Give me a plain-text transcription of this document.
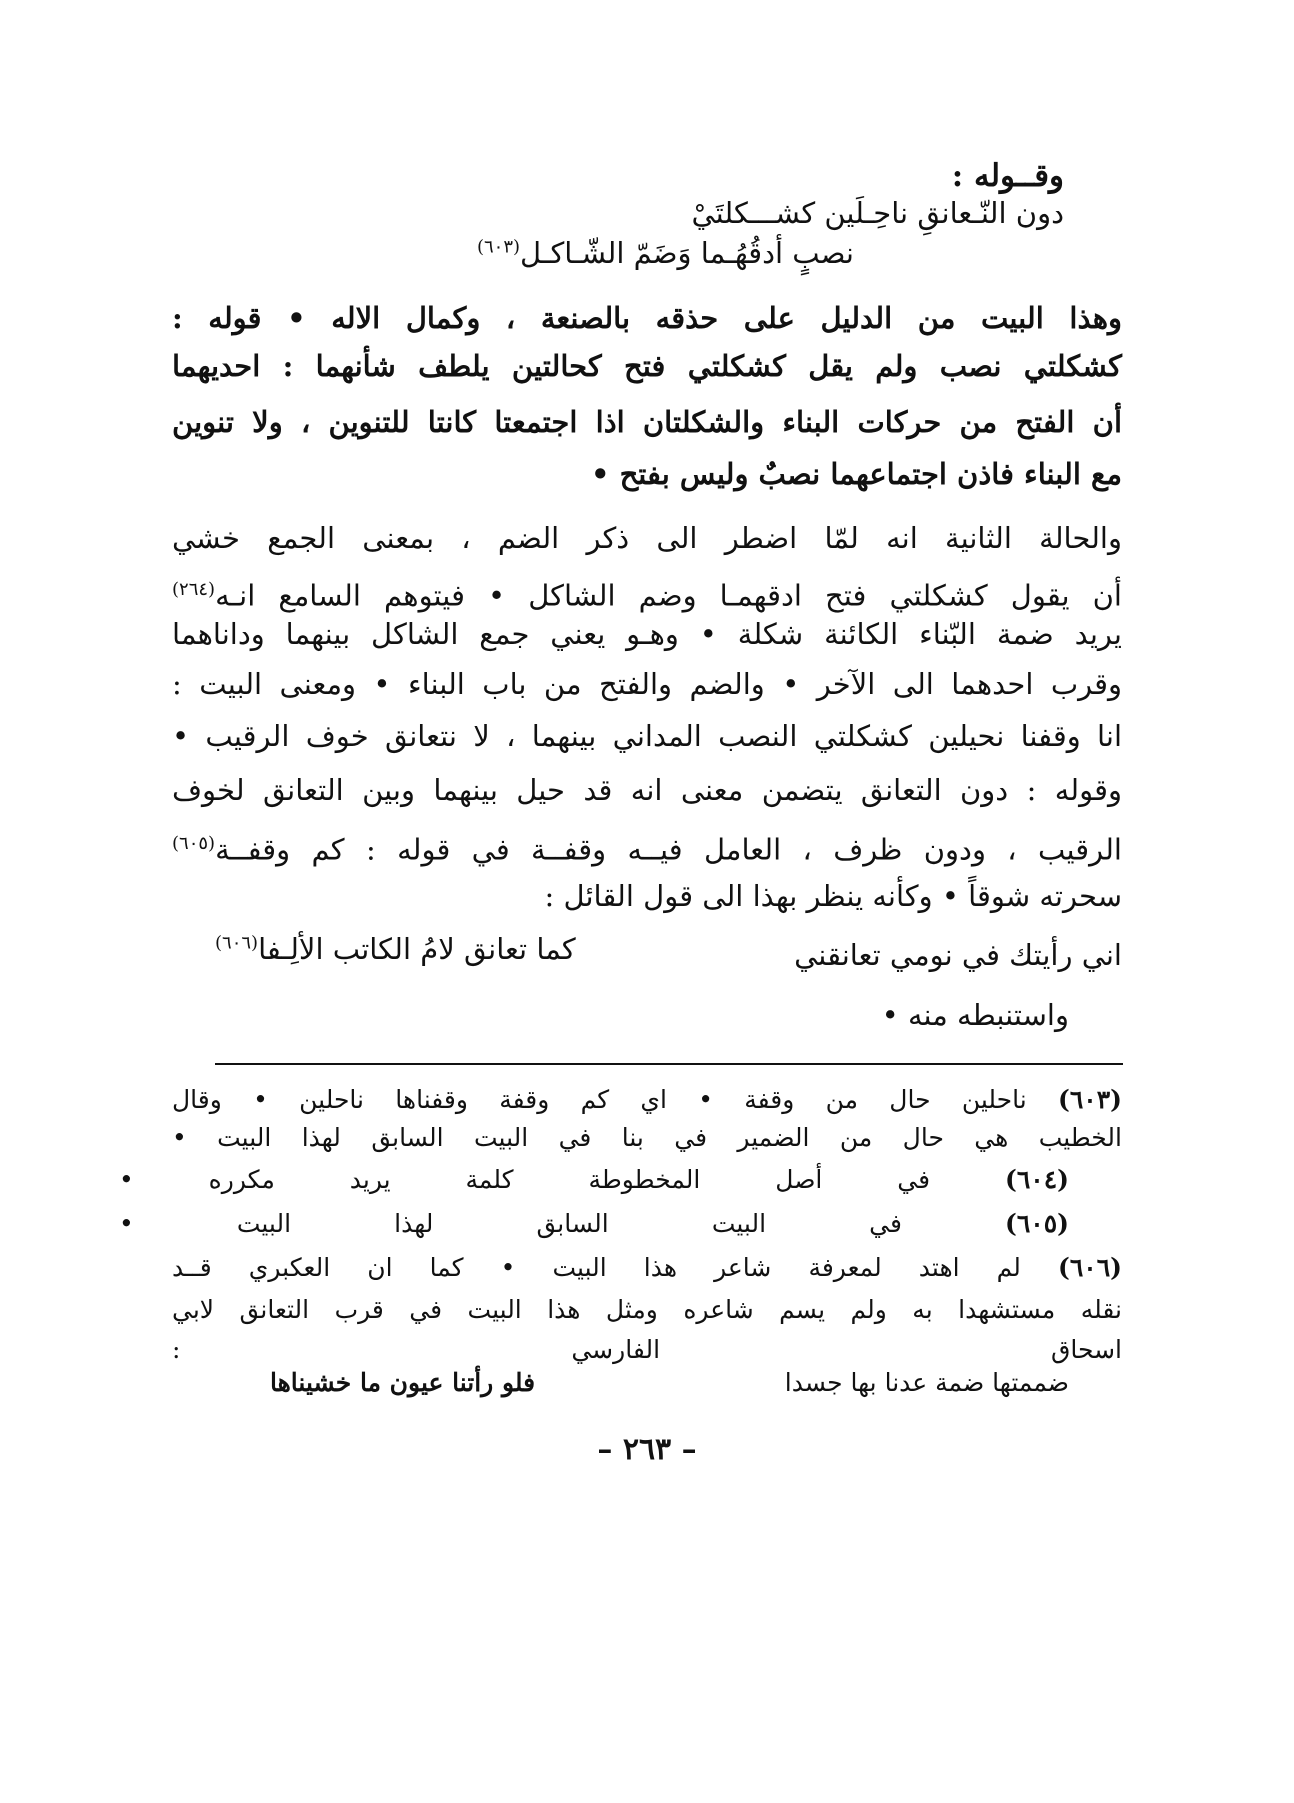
وقــوله :
دون النّـعانقِ ناحِـلَين كشـــكلتَيْ
نصبٍ أدقُهُـما وَضَمّ الشّـاكـل$^{(٦٠٣)}$
وهذا البيت من الدليل على حذقه بالصنعة ، وكمال الاله • قوله :
كشكلتي نصب ولم يقل كشكلتي فتح كحالتين يلطف شأنهما : احديهما
أن الفتح من حركات البناء والشكلتان اذا اجتمعتا كانتا للتنوين ، ولا تنوين
مع البناء فاذن اجتماعهما نصبٌ وليس بفتح •
والحالة الثانية انه لمّا اضطر الى ذكر الضم ، بمعنى الجمع خشي
أن يقول كشكلتي فتح ادقهمـا وضم الشاكل • فيتوهم السامع انـه$^{(٢٦٤)}$
يريد ضمة البّناء الكائنة شكلة • وهـو يعني جمع الشاكل بينهما وداناهما
وقرب احدهما الى الآخر • والضم والفتح من باب البناء • ومعنى البيت :
انا وقفنا نحيلين كشكلتي النصب المداني بينهما ، لا نتعانق خوف الرقيب •
وقوله : دون التعانق يتضمن معنى انه قد حيل بينهما وبين التعانق لخوف
الرقيب ، ودون ظرف ، العامل فيــه وقفــة في قوله : كم وقفــة$^{(٦٠٥)}$
سحرته شوقاً • وكأنه ينظر بهذا الى قول القائل :
اني رأيتك في نومي تعانقني
كما تعانق لامُ الكاتب الألِـفا$^{(٦٠٦)}$
واستنبطه منه •
(٦٠٣) ناحلين حال من وقفة • اي كم وقفة وقفناها ناحلين • وقال
الخطيب هي حال من الضمير في بنا في البيت السابق لهذا البيت •
(٦٠٤) في أصل المخطوطة كلمة يريد مكرره •
(٦٠٥) في البيت السابق لهذا البيت •
(٦٠٦) لم اهتد لمعرفة شاعر هذا البيت • كما ان العكبري قــد
نقله مستشهدا به ولم يسم شاعره ومثل هذا البيت في قرب التعانق لابي
اسحاق الفارسي :
ضممتها ضمة عدنا بها جسدا
فلو رأتنا عيون ما خشيناها
– ٢٦٣ –
